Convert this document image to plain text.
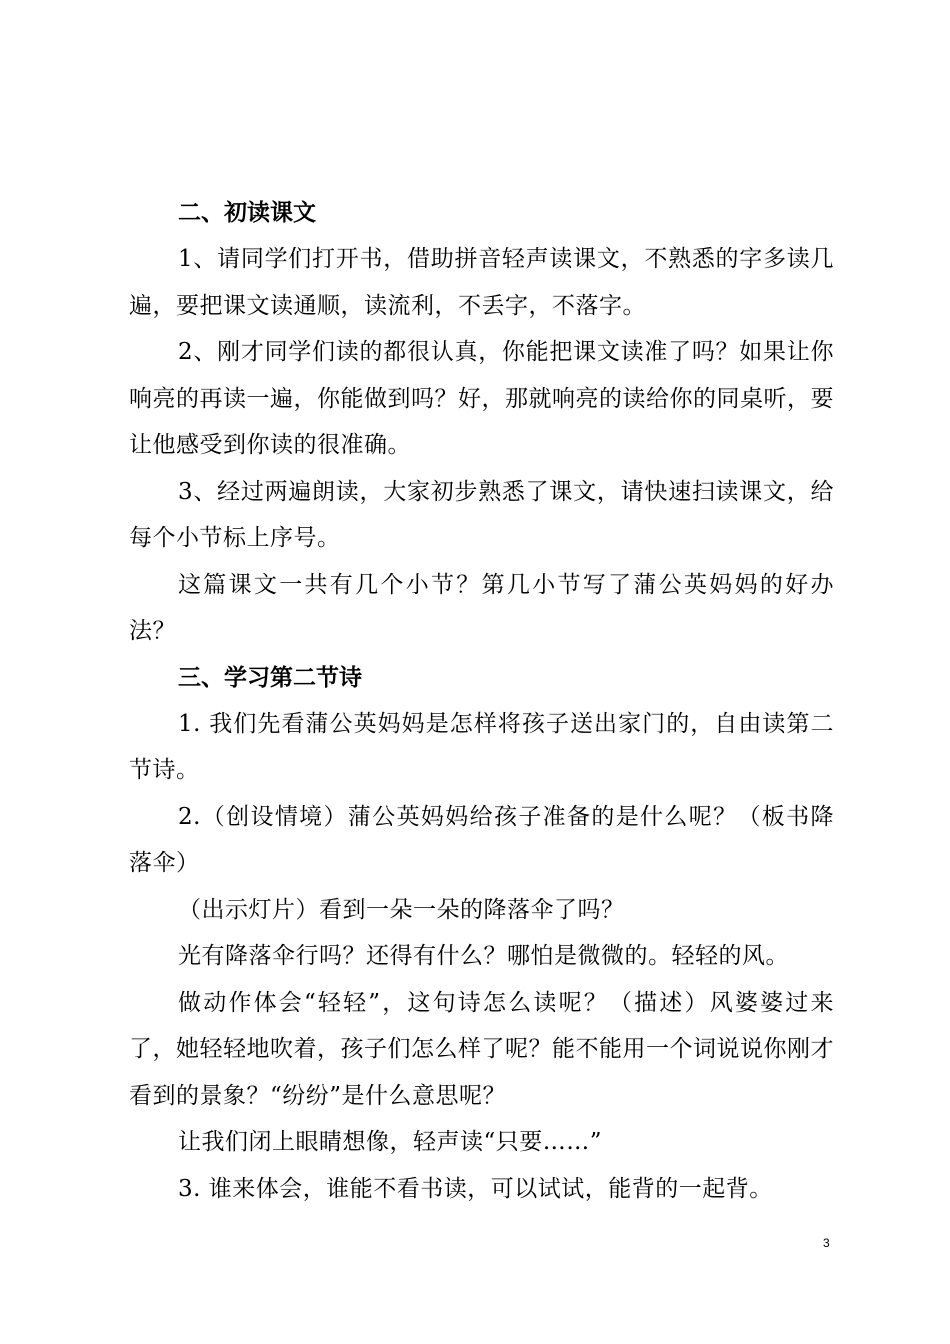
二、初读课文

1、请同学们打开书，借助拼音轻声读课文，不熟悉的字多读几遍，要把课文读通顺，读流利，不丢字，不落字。

2、刚才同学们读的都很认真，你能把课文读准了吗？如果让你响亮的再读一遍，你能做到吗？好，那就响亮的读给你的同桌听，要让他感受到你读的很准确。

3、经过两遍朗读，大家初步熟悉了课文，请快速扫读课文，给每个小节标上序号。

这篇课文一共有几个小节？第几小节写了蒲公英妈妈的好办法？

三、学习第二节诗

1. 我们先看蒲公英妈妈是怎样将孩子送出家门的，自由读第二节诗。

2.（创设情境）蒲公英妈妈给孩子准备的是什么呢？（板书降落伞）

（出示灯片）看到一朵一朵的降落伞了吗？

光有降落伞行吗？还得有什么？哪怕是微微的。轻轻的风。

做动作体会“轻轻”，这句诗怎么读呢？（描述）风婆婆过来了，她轻轻地吹着，孩子们怎么样了呢？能不能用一个词说说你刚才看到的景象？“纷纷”是什么意思呢？

让我们闭上眼睛想像，轻声读“只要……”

3. 谁来体会，谁能不看书读，可以试试，能背的一起背。

3
